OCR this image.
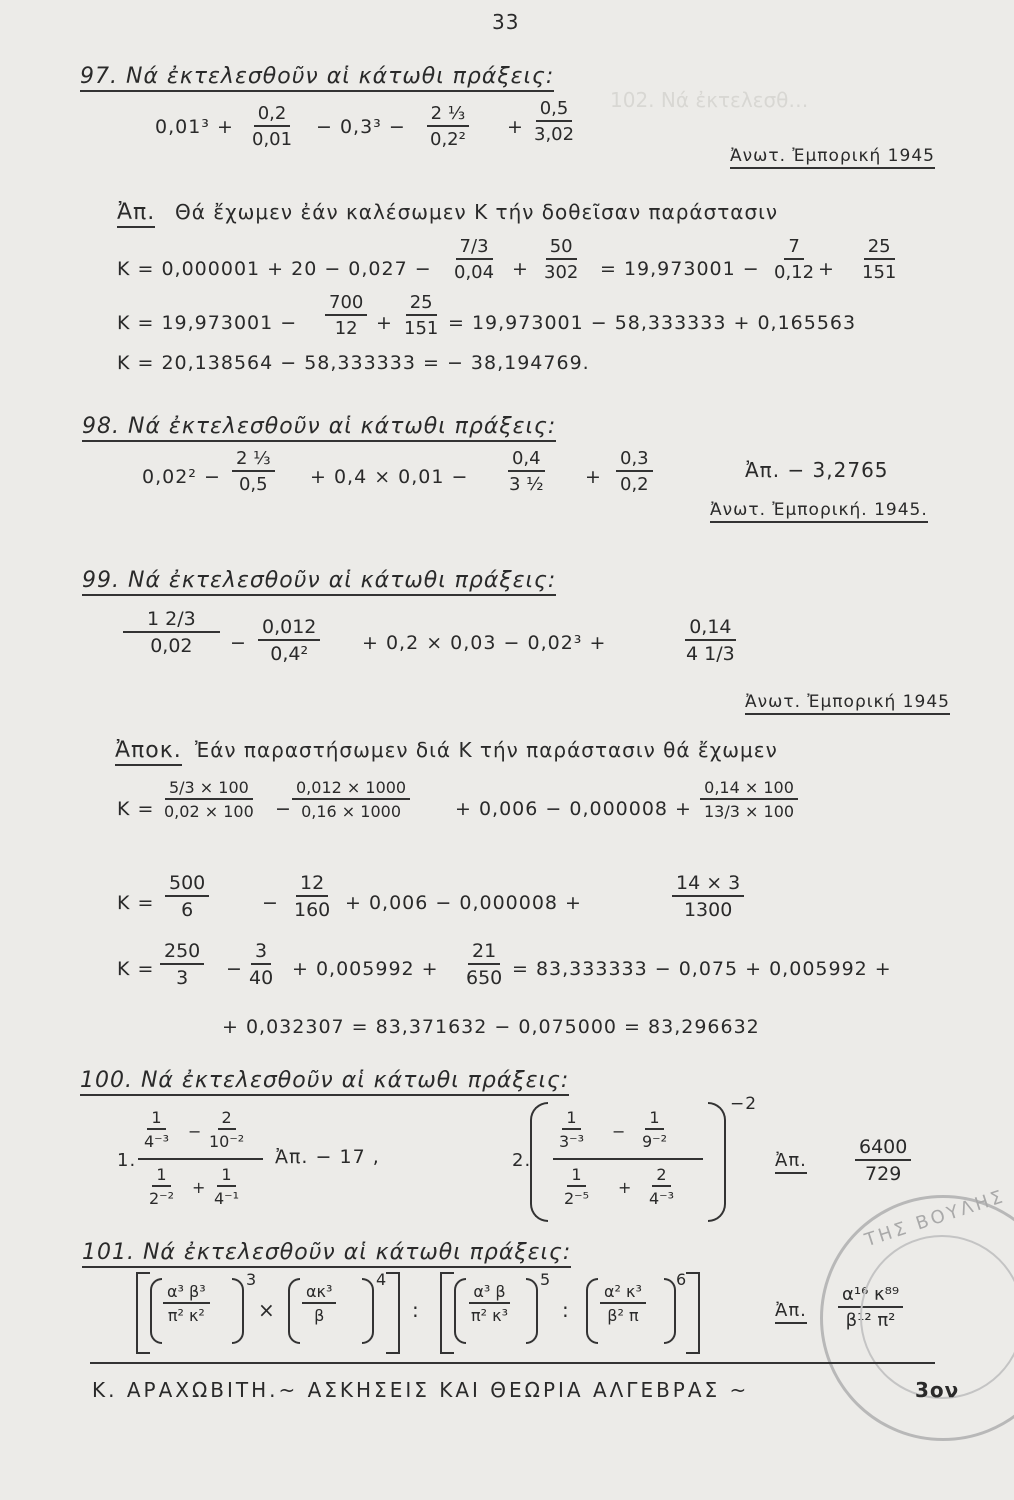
102. Νά ἐκτελεσθ…
33
97. Νά ἐκτελεσθοῦν αἱ κάτωθι πράξεις:
$0,01^3 + \frac{0,2}{0,01} - 0,3^3 - \frac{\text{2 ⅓}}{\text{0,2²}} + \frac{0,5}{3,02}$
Ἀνωτ. Ἐμπορική 1945
Ἀπ. Θά ἔχωμεν ἐάν καλέσωμεν Κ τήν δοθεῖσαν παράστασιν
$K = 0,000001 + 20 - 0,027 - \frac{7/3}{0,04} + \frac{50}{302} = 19,973001 - \frac{7}{0,12} + \frac{25}{151}$
$K = 19,973001 - \frac{700}{12} + \frac{25}{151} = 19,973001 - 58,333333 + 0,165563$
Κ = 20,138564 − 58,333333 = − 38,194769.
98. Νά ἐκτελεσθοῦν αἱ κάτωθι πράξεις:
$0,02^2 - \frac{\text{2 ⅓}}{0,5} + 0,4 \times 0,01 - \frac{0,4}{\text{3 ½}} + \frac{0,3}{0,2}$	Ἀπ. − 3,2765
Ἀνωτ. Ἐμπορική. 1945.
99. Νά ἐκτελεσθοῦν αἱ κάτωθι πράξεις:
$\frac{1 2/3}{0,02} - \frac{0,012}{\text{0,4²}} + 0,2 \times 0,03 - 0,02^3$ +	$\frac{0,14}{4 1/3}$
Ἀνωτ. Ἐμπορική 1945
Ἀποκ. Ἐάν παραστήσωμεν διά Κ τήν παράστασιν θά ἔχωμεν
$K = \frac{5/3 \times 100}{0,02 \times 100} - \frac{0,012 \times 1000}{0,16 \times 1000} + 0,006 - 0,000008 + \frac{0,14 \times 100}{13/3 \times 100}$
$K = \frac{500}{6}$	− $\frac{12}{160} + 0,006 - 0,000008$ +	$\frac{14 \times 3}{1300}$
$K = \frac{250}{3} - \frac{3}{40} + 0,005992 + \frac{21}{650} = 83,333333 - 0,075 + 0,005992$ +
+ 0,032307 = 83,371632 − 0,075000 = 83,296632
100. Νά ἐκτελεσθοῦν αἱ κάτωθι πράξεις:
1.
$\frac{1}{\text{4⁻³}} - \frac{2}{\text{10⁻²}}$
$\frac{1}{\text{2⁻²}} + \frac{1}{\text{4⁻¹}}$
Ἀπ. − 17 ,	2.
$\frac{1}{\text{3⁻³}} - \frac{1}{\text{9⁻²}}$
$\frac{1}{\text{2⁻⁵}} + \frac{2}{\text{4⁻³}}$
−2
Ἀπ.	$\frac{6400}{729}$
101. Νά ἐκτελεσθοῦν αἱ κάτωθι πράξεις:
$\frac{\text{α³ β³}}{\text{π² κ²}}$
3
× $\frac{\text{ακ³}}{\beta}$
4
:	$\frac{\text{α³ β}}{\text{π² κ³}}$
5
: $\frac{\text{α² κ³}}{\text{β² π}}$
6
Ἀπ. $\frac{\text{α¹⁶ κ⁸⁹}}{\text{β¹² π²}}$
ΤΗΣ ΒΟΥΛΗΣ
Κ. ΑΡΑΧΩΒΙΤΗ.~ ΑΣΚΗΣΕΙΣ ΚΑΙ ΘΕΩΡΙΑ ΑΛΓΕΒΡΑΣ ~	3ον
